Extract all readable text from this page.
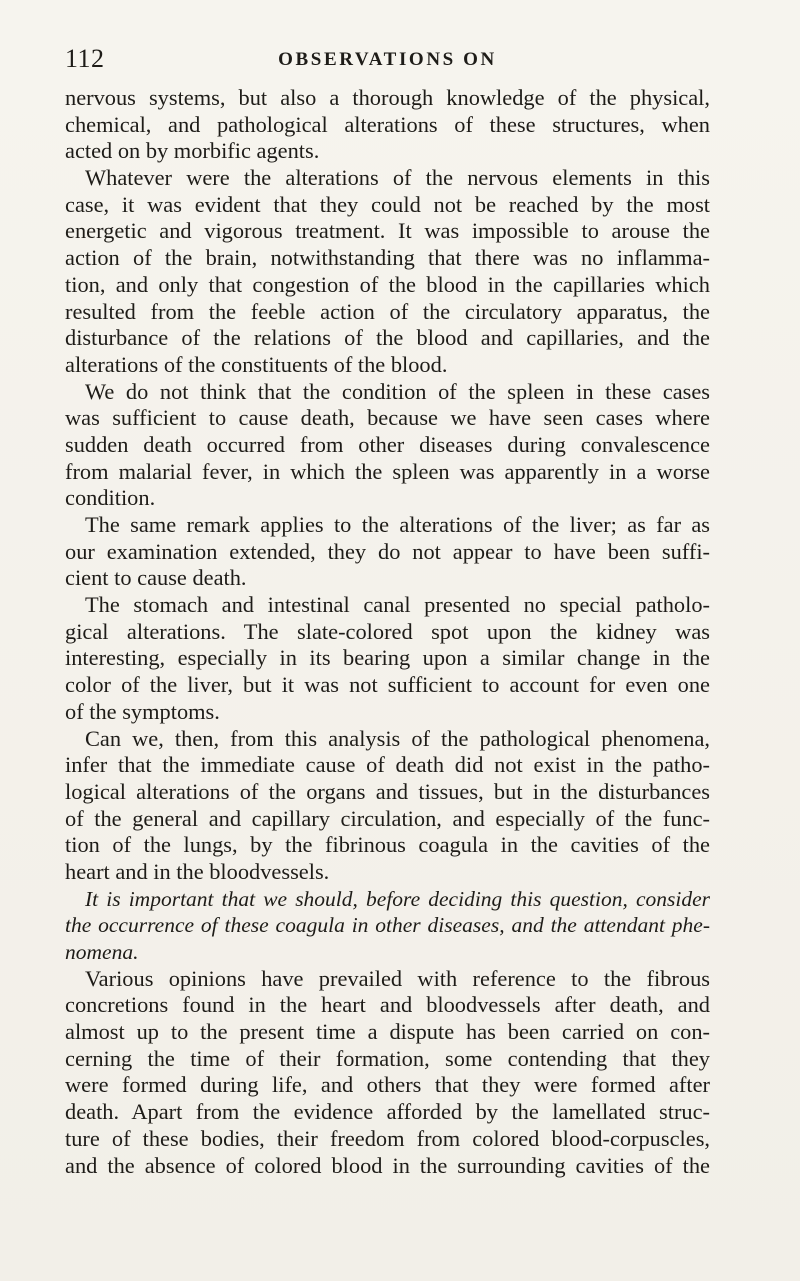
112	OBSERVATIONS ON
nervous systems, but also a thorough knowledge of the physical,
chemical, and pathological alterations of these structures, when
acted on by morbific agents.
Whatever were the alterations of the nervous elements in this
case, it was evident that they could not be reached by the most
energetic and vigorous treatment. It was impossible to arouse the
action of the brain, notwithstanding that there was no inflamma-
tion, and only that congestion of the blood in the capillaries which
resulted from the feeble action of the circulatory apparatus, the
disturbance of the relations of the blood and capillaries, and the
alterations of the constituents of the blood.
We do not think that the condition of the spleen in these cases
was sufficient to cause death, because we have seen cases where
sudden death occurred from other diseases during convalescence
from malarial fever, in which the spleen was apparently in a worse
condition.
The same remark applies to the alterations of the liver; as far as
our examination extended, they do not appear to have been suffi-
cient to cause death.
The stomach and intestinal canal presented no special patholo-
gical alterations. The slate-colored spot upon the kidney was
interesting, especially in its bearing upon a similar change in the
color of the liver, but it was not sufficient to account for even one
of the symptoms.
Can we, then, from this analysis of the pathological phenomena,
infer that the immediate cause of death did not exist in the patho-
logical alterations of the organs and tissues, but in the disturbances
of the general and capillary circulation, and especially of the func-
tion of the lungs, by the fibrinous coagula in the cavities of the
heart and in the bloodvessels.
It is important that we should, before deciding this question, consider
the occurrence of these coagula in other diseases, and the attendant phe-
nomena.
Various opinions have prevailed with reference to the fibrous
concretions found in the heart and bloodvessels after death, and
almost up to the present time a dispute has been carried on con-
cerning the time of their formation, some contending that they
were formed during life, and others that they were formed after
death. Apart from the evidence afforded by the lamellated struc-
ture of these bodies, their freedom from colored blood-corpuscles,
and the absence of colored blood in the surrounding cavities of the
